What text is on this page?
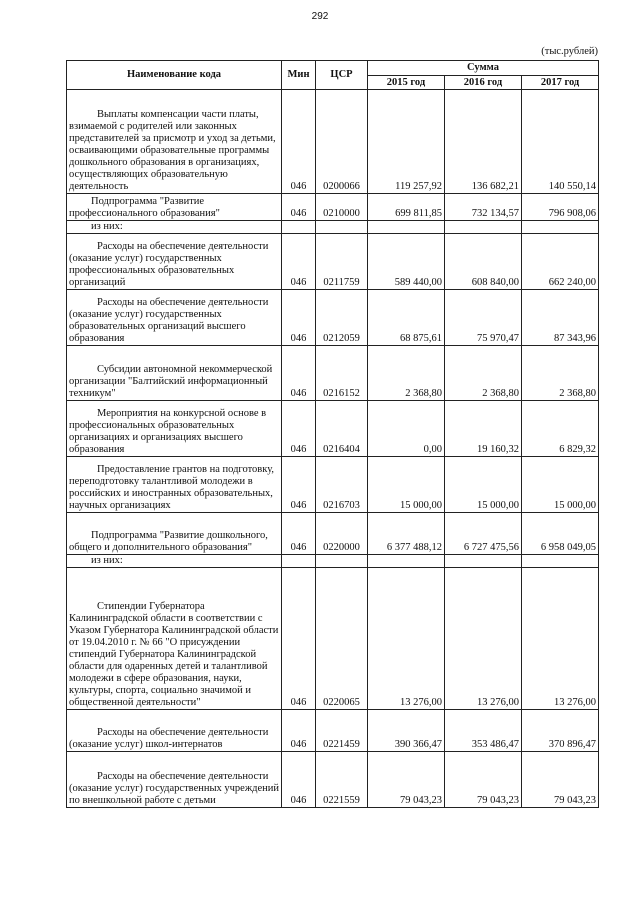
292
(тыс.рублей)
Наименование кода	Мин	ЦСР	Сумма		
			2015 год	2016 год	2017 год

Выплаты компенсации части платы, взимаемой с родителей или законных представителей за присмотр и уход за детьми, осваивающими образовательные программы дошкольного образования в организациях, осуществляющих образовательную деятельность	046	0200066	119 257,92	136 682,21	140 550,14

Подпрограмма "Развитие профессионального образования"	046	0210000	699 811,85	732 134,57	796 908,06

из них:					

Расходы на обеспечение деятельности (оказание услуг) государственных профессиональных образовательных организаций	046	0211759	589 440,00	608 840,00	662 240,00

Расходы на обеспечение деятельности (оказание услуг) государственных образовательных организаций высшего образования	046	0212059	68 875,61	75 970,47	87 343,96

Субсидии автономной некоммерческой организации "Балтийский информационный техникум"	046	0216152	2 368,80	2 368,80	2 368,80

Мероприятия на конкурсной основе в профессиональных образовательных организациях и организациях высшего образования	046	0216404	0,00	19 160,32	6 829,32

Предоставление грантов на подготовку, переподготовку талантливой молодежи в российских и иностранных образовательных, научных организациях	046	0216703	15 000,00	15 000,00	15 000,00

Подпрограмма "Развитие дошкольного, общего и дополнительного образования"	046	0220000	6 377 488,12	6 727 475,56	6 958 049,05

из них:					

Стипендии Губернатора Калининградской области в соответствии с Указом Губернатора Калининградской области от 19.04.2010 г. № 66 "О присуждении стипендий Губернатора Калининградской области для одаренных детей и талантливой молодежи в сфере образования, науки, культуры, спорта, социально значимой и общественной деятельности"	046	0220065	13 276,00	13 276,00	13 276,00

Расходы на обеспечение деятельности (оказание услуг) школ-интернатов	046	0221459	390 366,47	353 486,47	370 896,47

Расходы на обеспечение деятельности (оказание услуг) государственных учреждений по внешкольной работе с детьми	046	0221559	79 043,23	79 043,23	79 043,23
